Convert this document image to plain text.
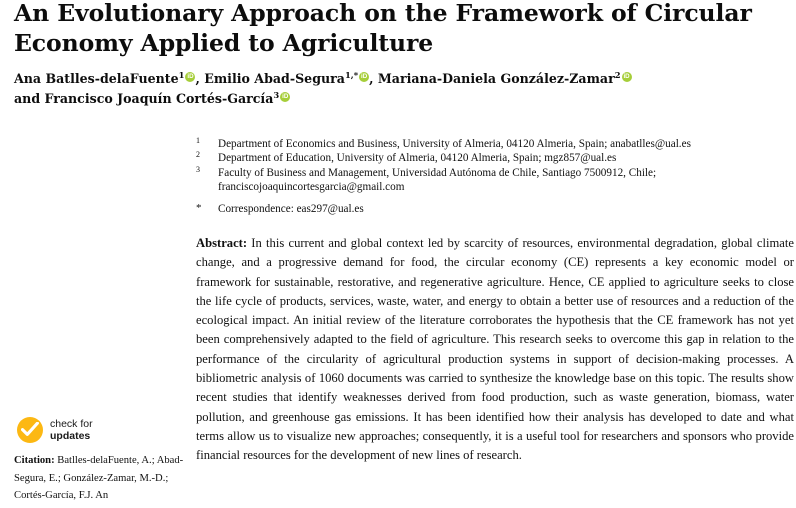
An Evolutionary Approach on the Framework of Circular Economy Applied to Agriculture
Ana Batlles-delaFuente$^1$ iD , Emilio Abad-Segura$^{1,*}$ iD , Mariana-Daniela González-Zamar$^2$iD
and Francisco Joaquín Cortés-García$^3$iD
1	Department of Economics and Business, University of Almeria, 04120 Almeria, Spain; anabatlles@ual.es
2	Department of Education, University of Almeria, 04120 Almeria, Spain; mgz857@ual.es
3	Faculty of Business and Management, Universidad Autónoma de Chile, Santiago 7500912, Chile; franciscojoaquincortesgarcia@gmail.com
*	Correspondence: eas297@ual.es
Abstract: In this current and global context led by scarcity of resources, environmental degradation, global climate change, and a progressive demand for food, the circular economy (CE) represents a key economic model or framework for sustainable, restorative, and regenerative agriculture. Hence, CE applied to agriculture seeks to close the life cycle of products, services, waste, water, and energy to obtain a better use of resources and a reduction of the ecological impact. An initial review of the literature corroborates the hypothesis that the CE framework has not yet been comprehensively adapted to the field of agriculture. This research seeks to overcome this gap in relation to the performance of the circularity of agricultural production systems in support of decision-making processes. A bibliometric analysis of 1060 documents was carried to synthesize the knowledge base on this topic. The results show recent studies that identify weaknesses derived from food production, such as waste generation, biomass, water pollution, and greenhouse gas emissions. It has been identified how their analysis has developed to date and what terms allow us to visualize new approaches; consequently, it is a useful tool for researchers and sponsors who provide financial resources for the development of new lines of research.
check for
updates
Citation: Batlles-delaFuente, A.; Abad-Segura, E.; González-Zamar, M.-D.; Cortés-García, F.J. An
